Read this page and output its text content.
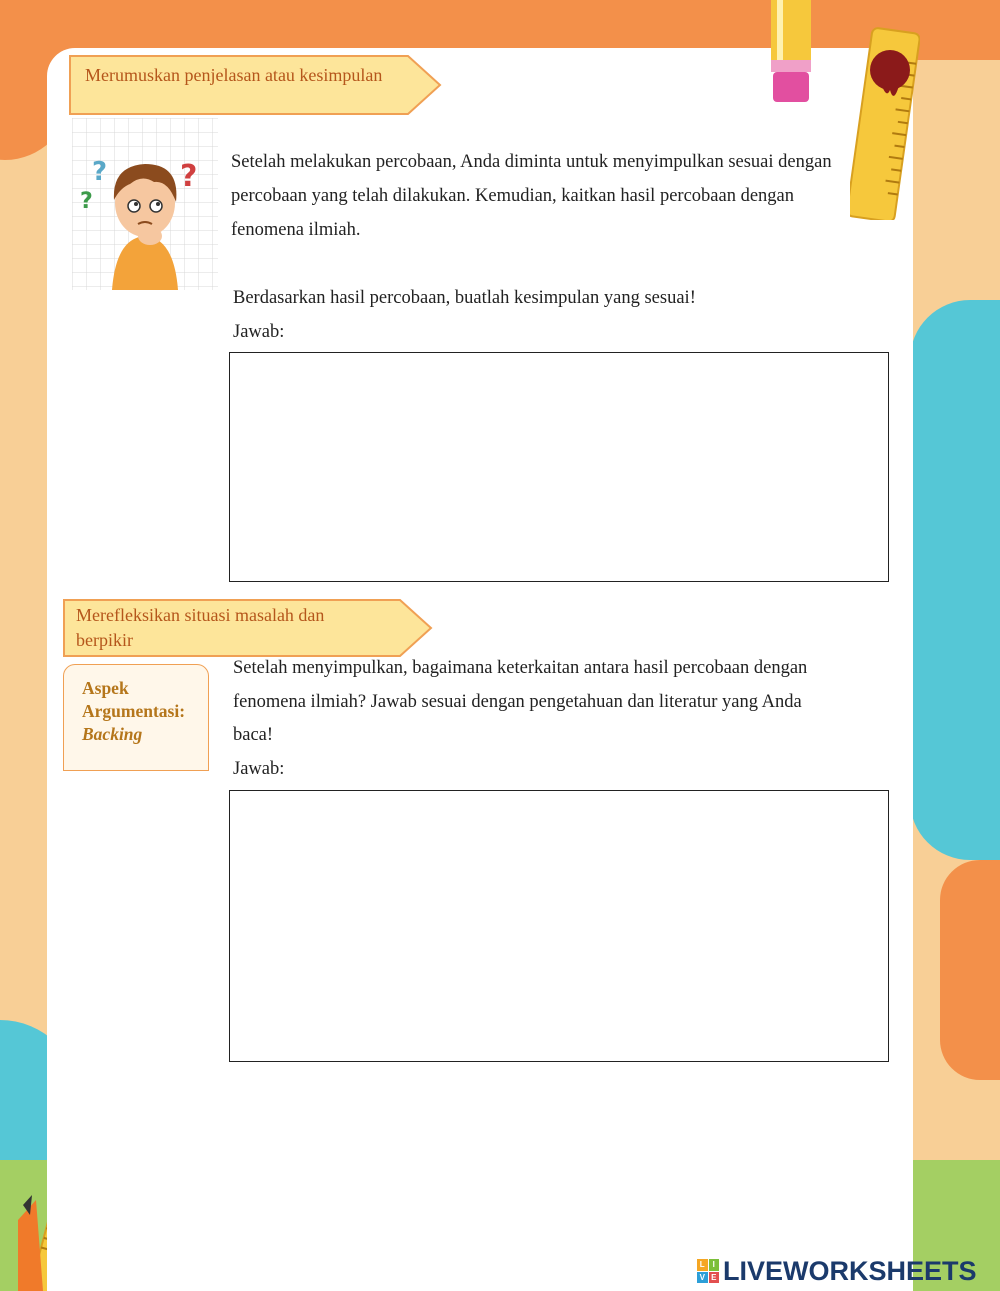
Merumuskan penjelasan atau kesimpulan
?
?
? Setelah melakukan percobaan, Anda diminta untuk menyimpulkan sesuai dengan
percobaan yang telah dilakukan. Kemudian, kaitkan hasil percobaan dengan
fenomena ilmiah.
Berdasarkan hasil percobaan, buatlah kesimpulan yang sesuai!
Jawab:
Merefleksikan situasi masalah dan
berpikir
Aspek
Argumentasi:
Backing
Setelah menyimpulkan, bagaimana keterkaitan antara hasil percobaan dengan
fenomena ilmiah? Jawab sesuai dengan pengetahuan dan literatur yang Anda
baca!
Jawab:
L I
V E LIVEWORKSHEETS
